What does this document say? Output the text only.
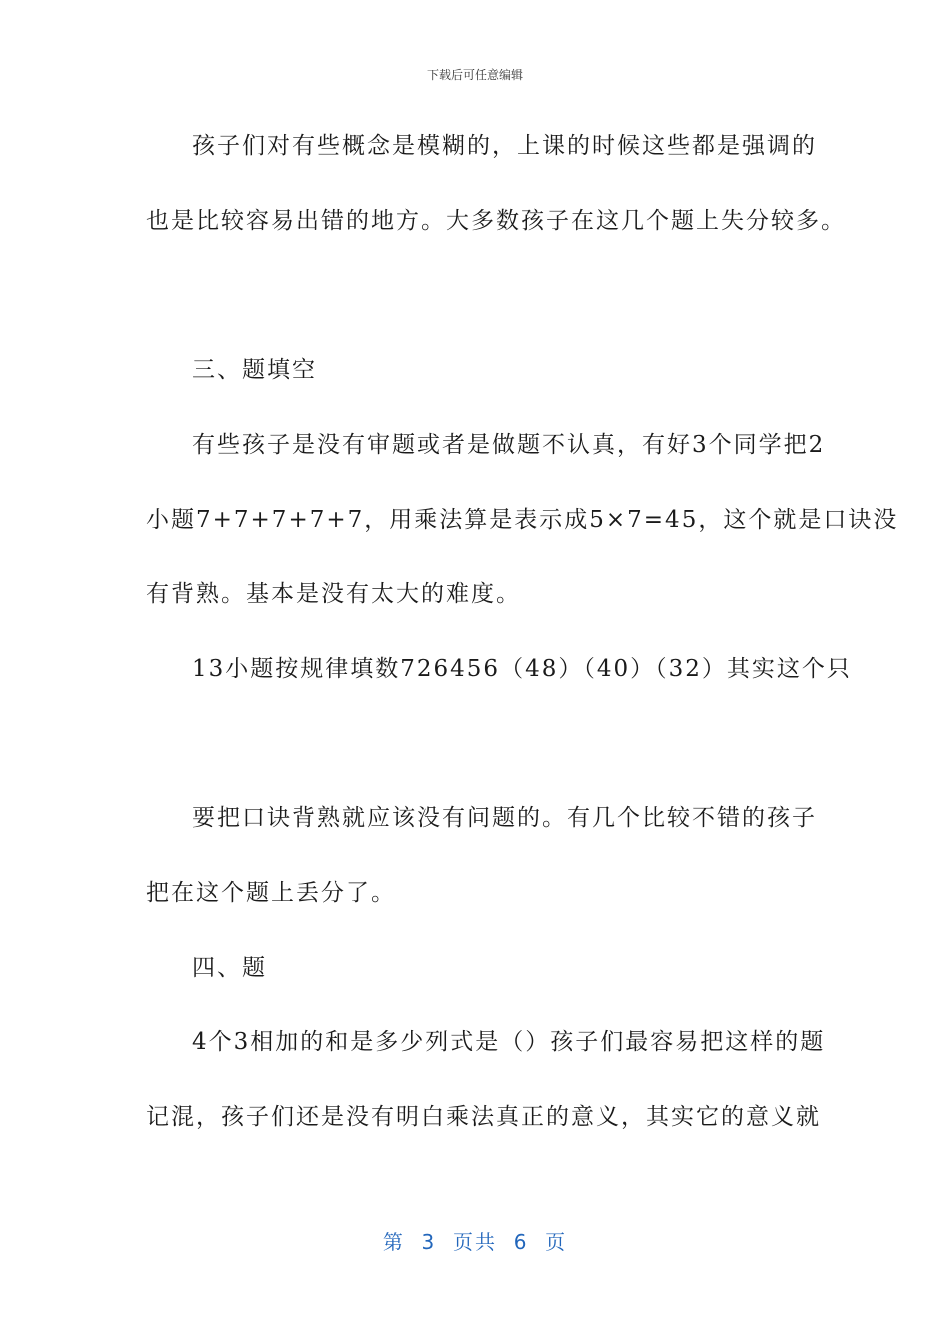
下载后可任意编辑
孩子们对有些概念是模糊的，上课的时候这些都是强调的
也是比较容易出错的地方。大多数孩子在这几个题上失分较多。
三、题填空
有些孩子是没有审题或者是做题不认真，有好3个同学把2
小题7+7+7+7+7，用乘法算是表示成5×7=45，这个就是口诀没
有背熟。基本是没有太大的难度。
13小题按规律填数726456（48）（40）（32）其实这个只
要把口诀背熟就应该没有问题的。有几个比较不错的孩子
把在这个题上丢分了。
四、题
4个3相加的和是多少列式是（）孩子们最容易把这样的题
记混，孩子们还是没有明白乘法真正的意义，其实它的意义就
第  3  页共  6  页
